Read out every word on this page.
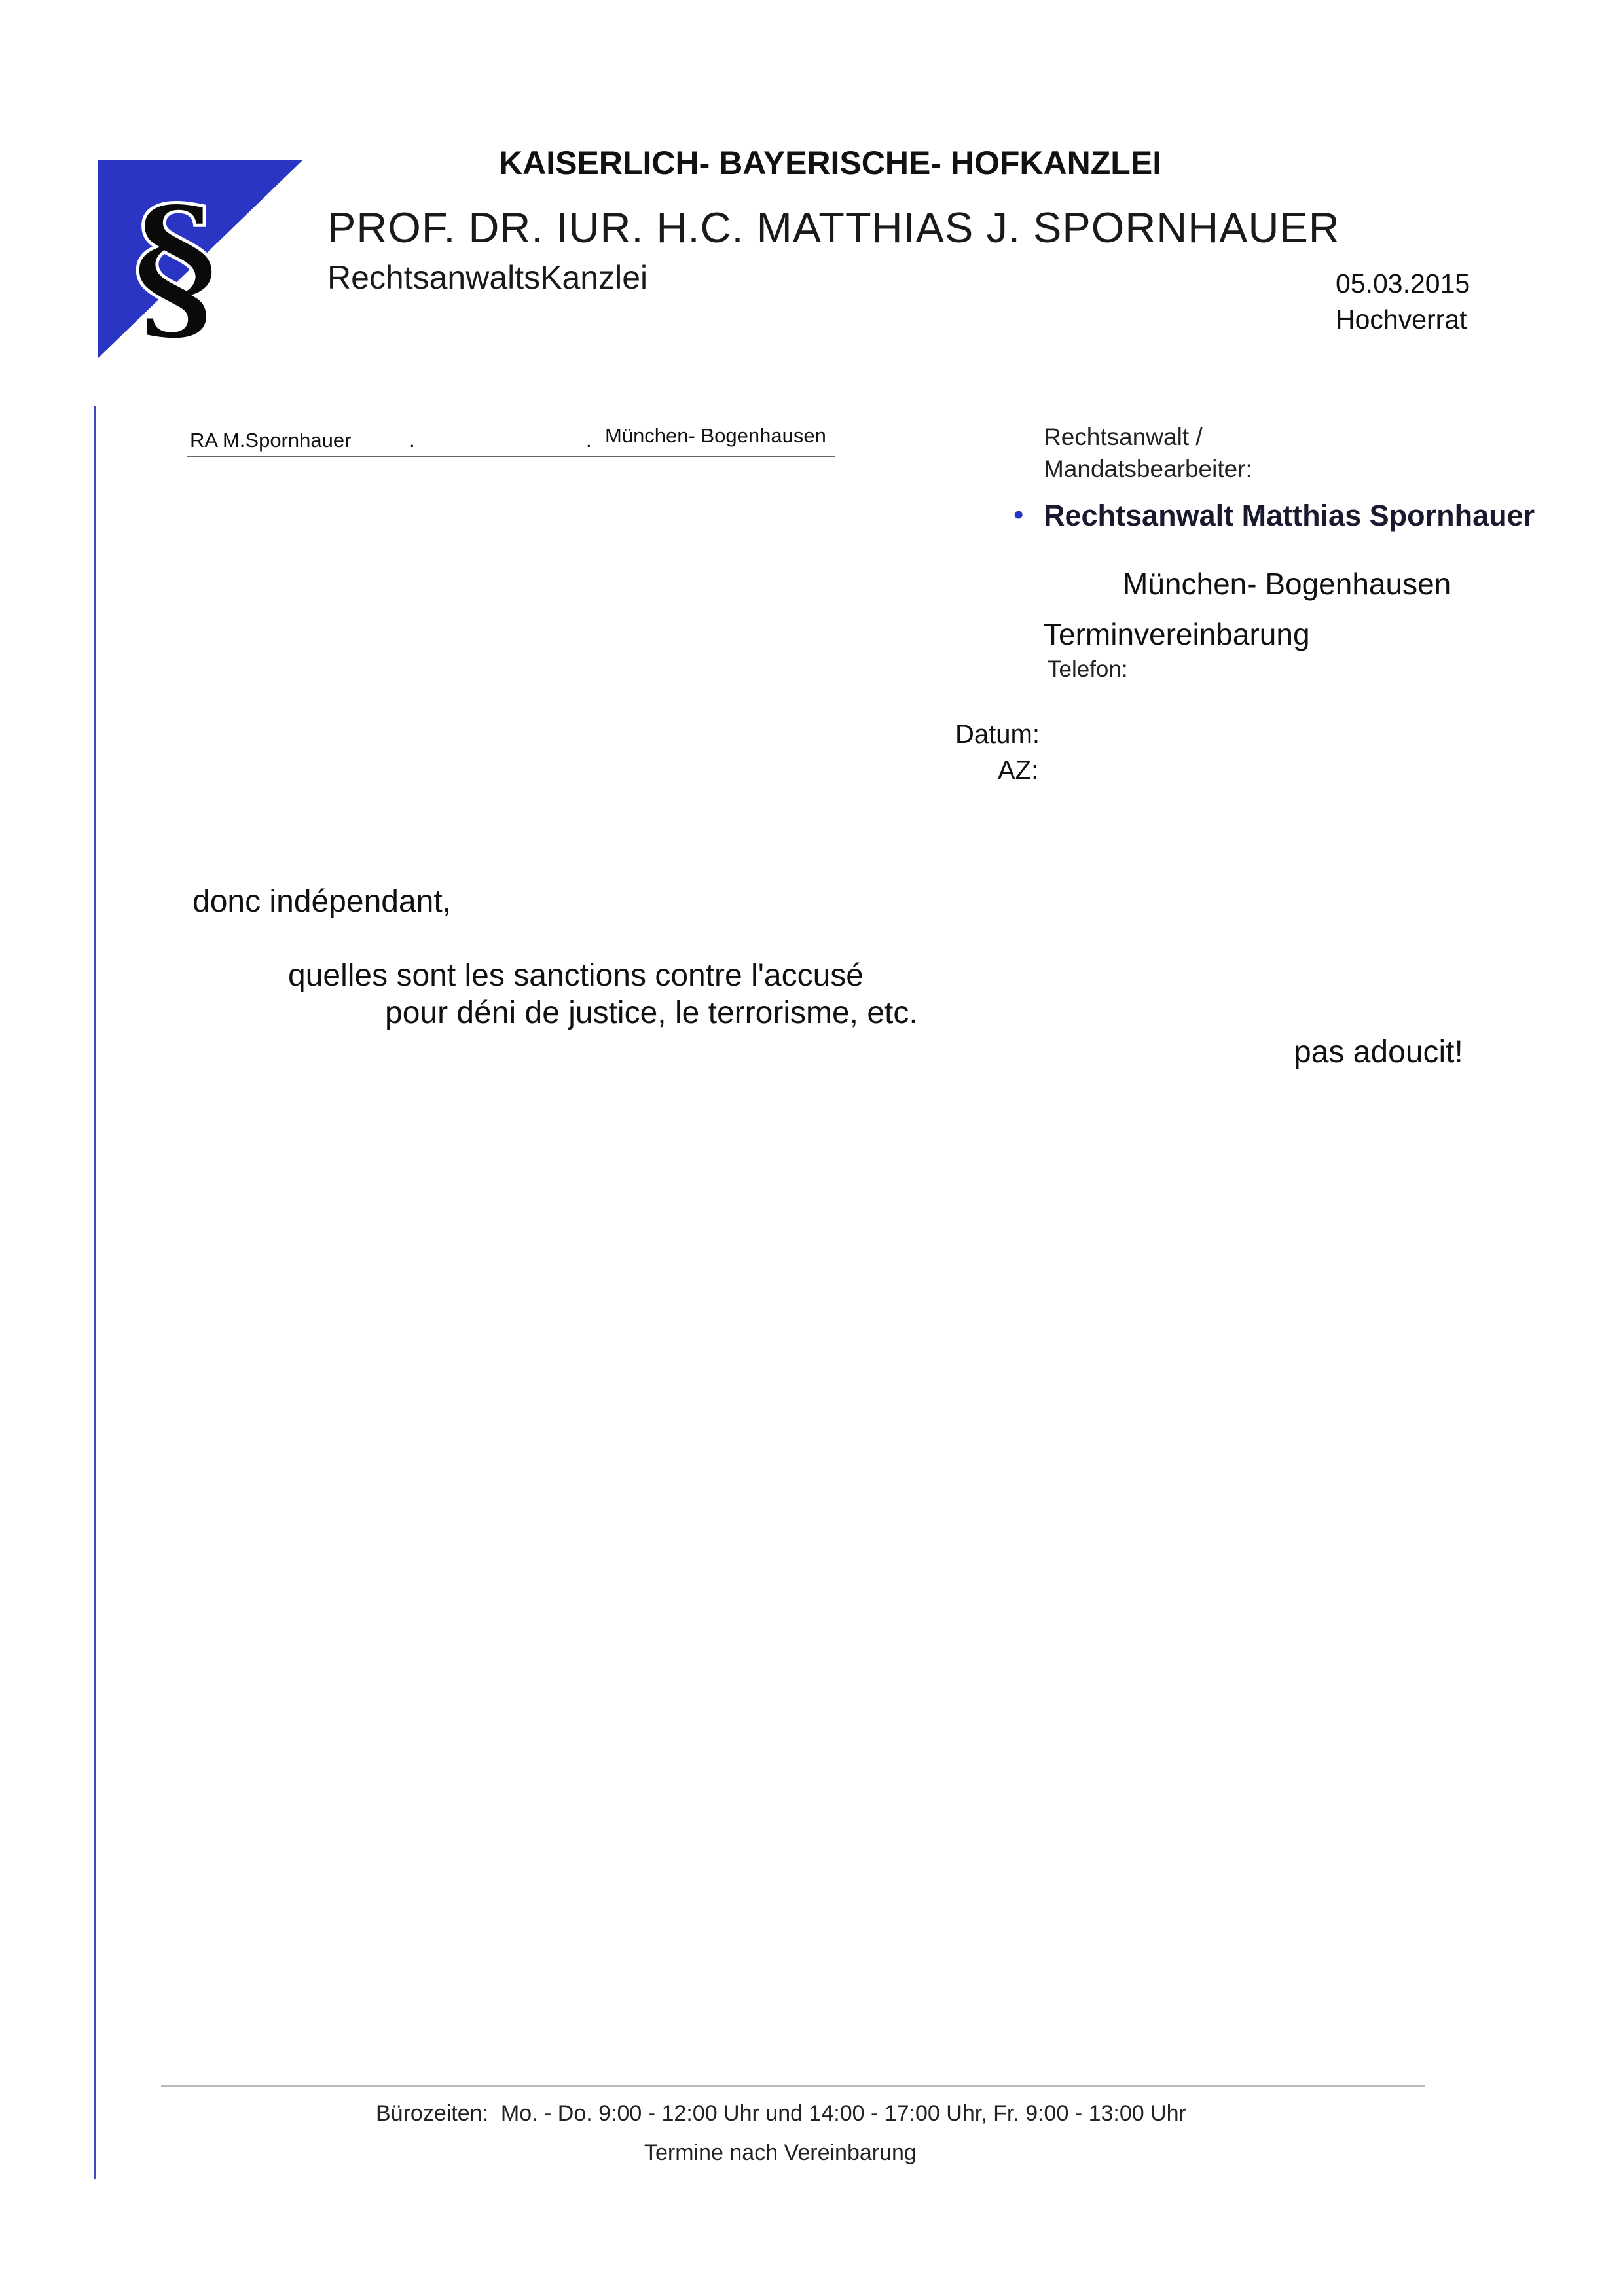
§
KAISERLICH- BAYERISCHE- HOFKANZLEI
PROF. DR. IUR. H.C. MATTHIAS J. SPORNHAUER
RechtsanwaltsKanzlei	05.03.2015
Hochverrat
RA M.Spornhauer	.	. München- Bogenhausen	Rechtsanwalt /
Mandatsbearbeiter:
• Rechtsanwalt Matthias Spornhauer
München- Bogenhausen
Terminvereinbarung
Telefon:
Datum:
AZ:
donc indépendant,
quelles sont les sanctions contre l'accusé
pour déni de justice, le terrorisme, etc.
pas adoucit!
Bürozeiten:  Mo. - Do. 9:00 - 12:00 Uhr und 14:00 - 17:00 Uhr, Fr. 9:00 - 13:00 Uhr
Termine nach Vereinbarung
